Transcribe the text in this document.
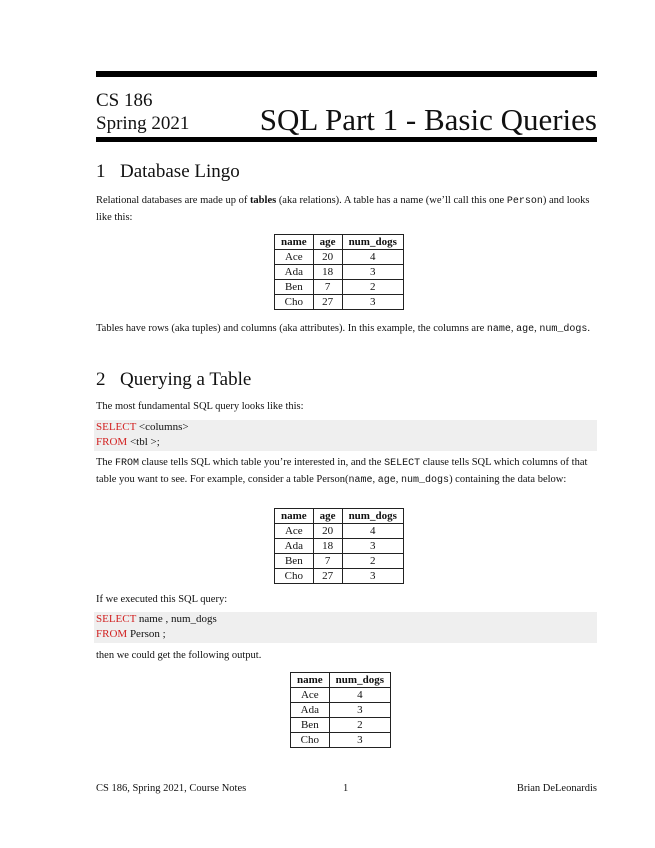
CS 186
Spring 2021 SQL Part 1 - Basic Queries
1 Database Lingo
Relational databases are made up of tables (aka relations). A table has a name (we’ll call this one Person) and looks like this:
name	age	num_dogs
Ace	20	4
Ada	18	3
Ben	7	2
Cho	27	3
Tables have rows (aka tuples) and columns (aka attributes). In this example, the columns are name, age, num_dogs.
2 Querying a Table
The most fundamental SQL query looks like this:
SELECT <columns>
FROM <tbl >;
The FROM clause tells SQL which table you’re interested in, and the SELECT clause tells SQL which columns of that table you want to see. For example, consider a table Person(name, age, num_dogs) containing the data below:
name	age	num_dogs
Ace	20	4
Ada	18	3
Ben	7	2
Cho	27	3
If we executed this SQL query:
SELECT name , num_dogs
FROM Person ;
then we could get the following output.
name	num_dogs
Ace	4
Ada	3
Ben	2
Cho	3
CS 186, Spring 2021, Course Notes	1	Brian DeLeonardis
